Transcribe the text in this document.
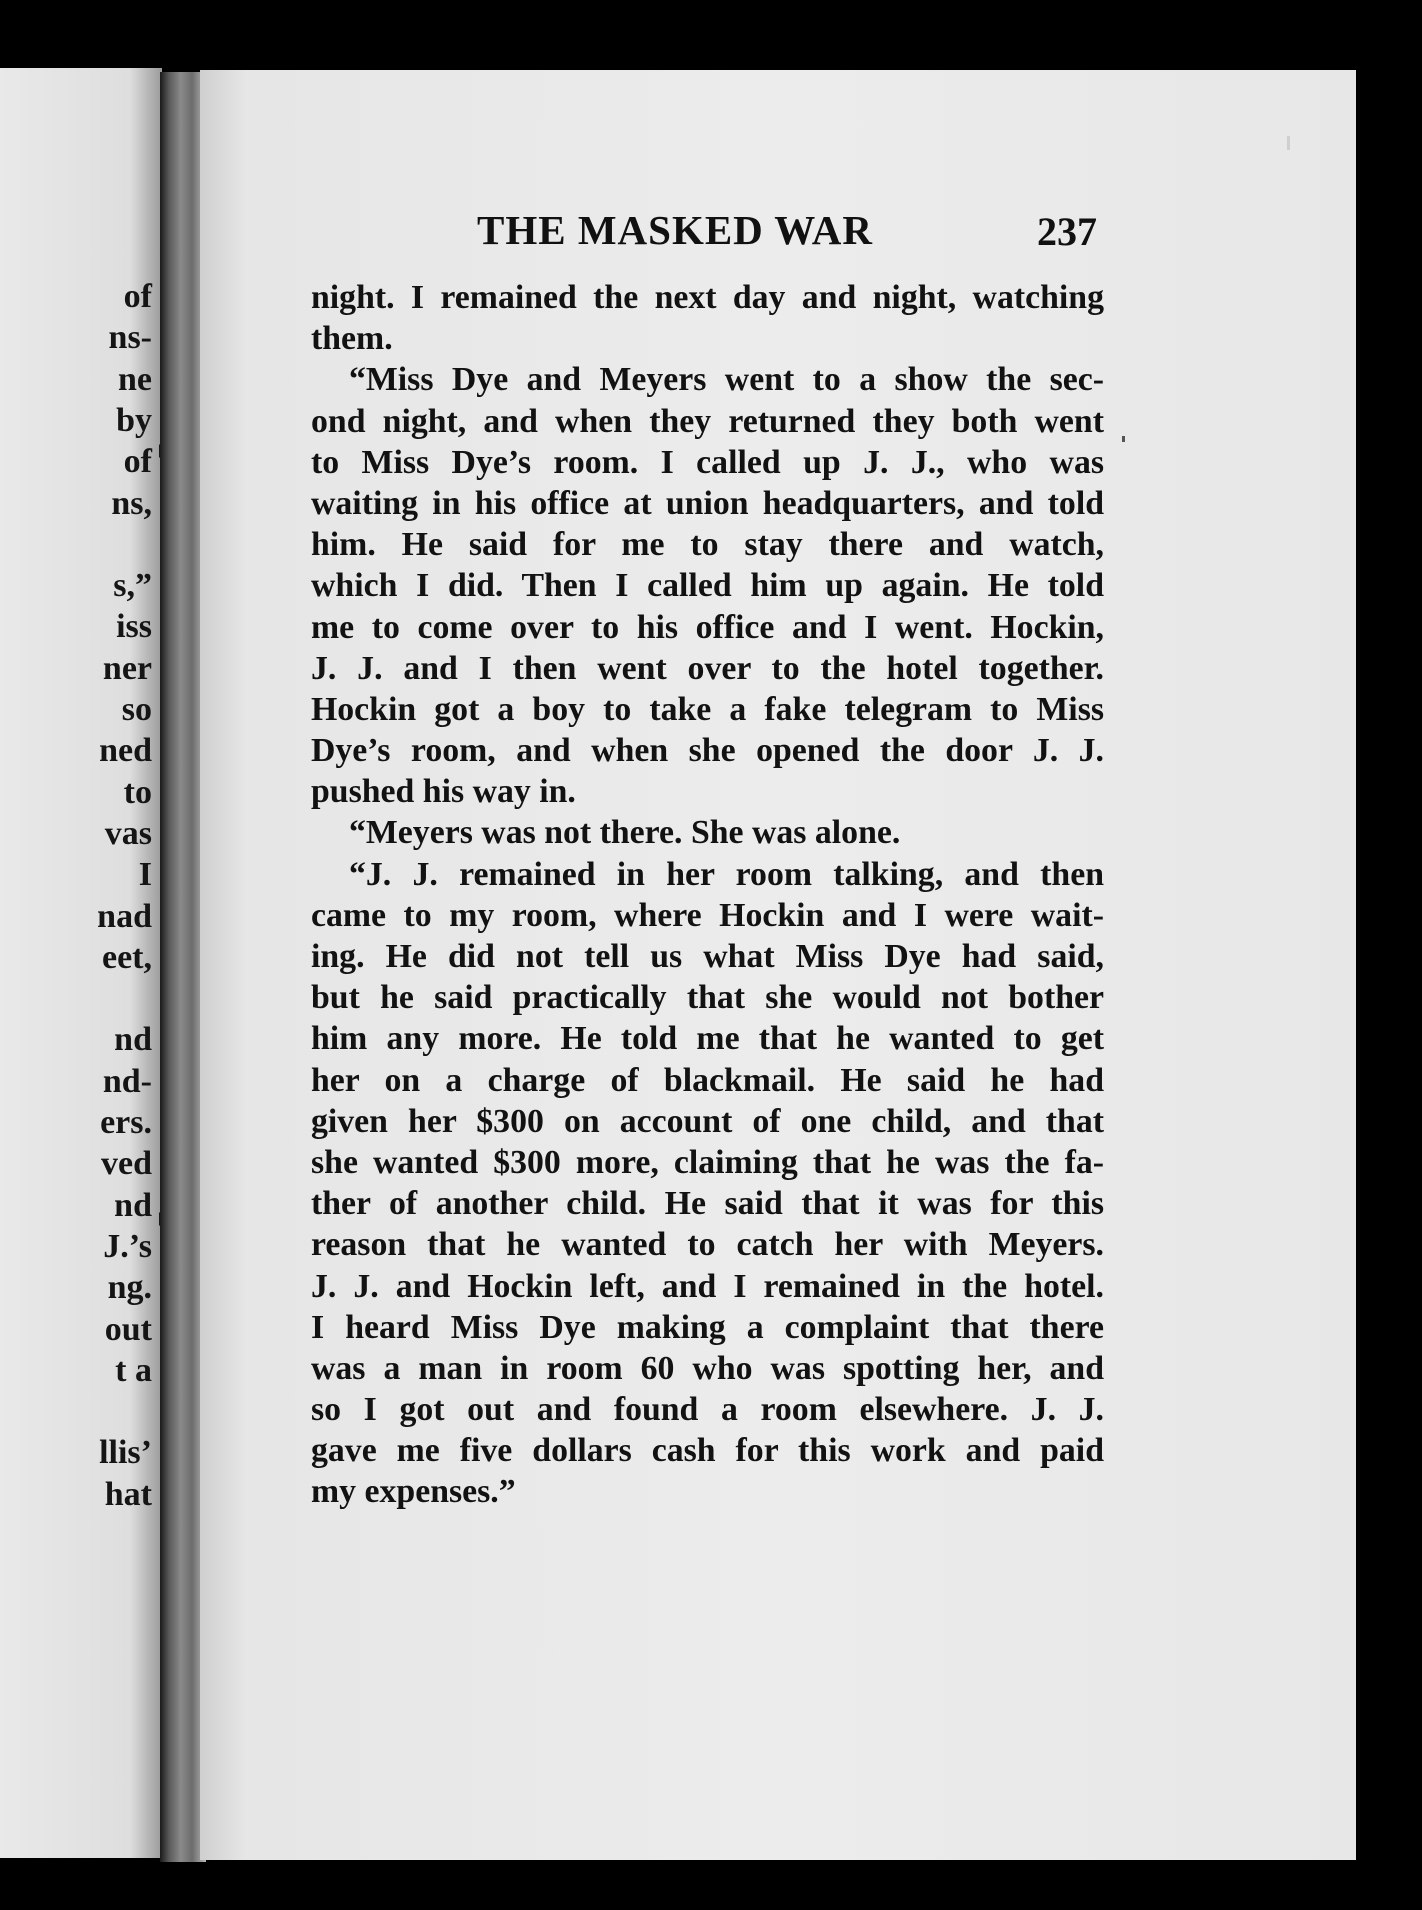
of
ns-
ne
by
of
ns,
s,”
iss
ner
so
ned
to
vas
I
nad
eet,
nd
nd-
ers.
ved
nd
J.’s
ng.
out
t a
llis’
hat
THE MASKED WAR	237
night. I remained the next day and night, watching
them.
“Miss Dye and Meyers went to a show the sec-
ond night, and when they returned they both went
to Miss Dye’s room. I called up J. J., who was
waiting in his office at union headquarters, and told
him. He said for me to stay there and watch,
which I did. Then I called him up again. He told
me to come over to his office and I went. Hockin,
J. J. and I then went over to the hotel together.
Hockin got a boy to take a fake telegram to Miss
Dye’s room, and when she opened the door J. J.
pushed his way in.
“Meyers was not there. She was alone.
“J. J. remained in her room talking, and then
came to my room, where Hockin and I were wait-
ing. He did not tell us what Miss Dye had said,
but he said practically that she would not bother
him any more. He told me that he wanted to get
her on a charge of blackmail. He said he had
given her $300 on account of one child, and that
she wanted $300 more, claiming that he was the fa-
ther of another child. He said that it was for this
reason that he wanted to catch her with Meyers.
J. J. and Hockin left, and I remained in the hotel.
I heard Miss Dye making a complaint that there
was a man in room 60 who was spotting her, and
so I got out and found a room elsewhere. J. J.
gave me five dollars cash for this work and paid
my expenses.”
